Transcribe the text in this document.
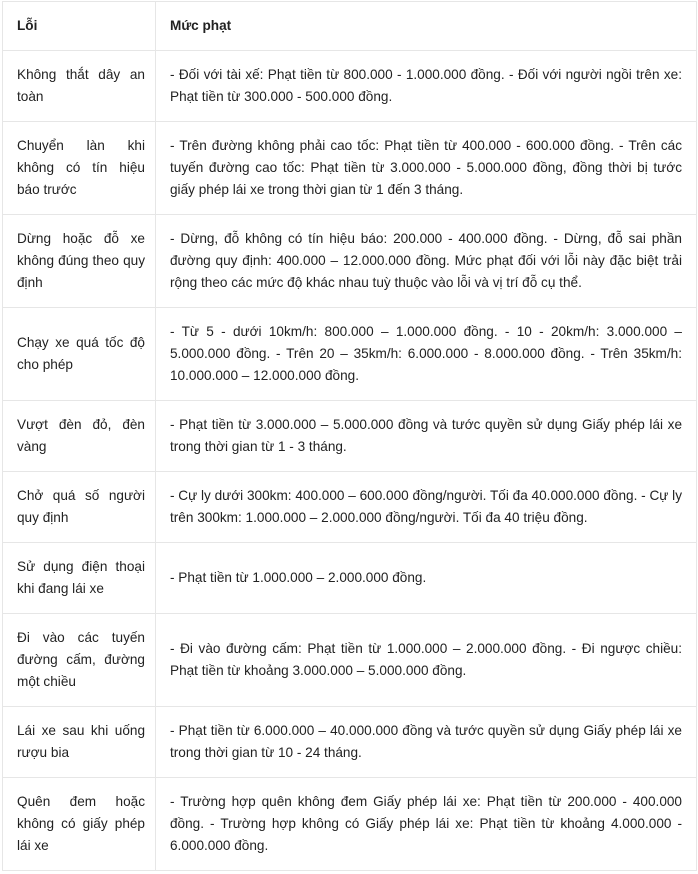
Lỗi	Mức phạt
Không thắt dây an toàn	- Đối với tài xế: Phạt tiền từ 800.000 - 1.000.000 đồng. - Đối với người ngồi trên xe: Phạt tiền từ 300.000 - 500.000 đồng.
Chuyển làn khi không có tín hiệu báo trước	- Trên đường không phải cao tốc: Phạt tiền từ 400.000 - 600.000 đồng. - Trên các tuyến đường cao tốc: Phạt tiền từ 3.000.000 - 5.000.000 đồng, đồng thời bị tước giấy phép lái xe trong thời gian từ 1 đến 3 tháng.
Dừng hoặc đỗ xe không đúng theo quy định	- Dừng, đỗ không có tín hiệu báo: 200.000 - 400.000 đồng. - Dừng, đỗ sai phần đường quy định: 400.000 – 12.000.000 đồng. Mức phạt đối với lỗi này đặc biệt trải rộng theo các mức độ khác nhau tuỳ thuộc vào lỗi và vị trí đỗ cụ thể.
Chạy xe quá tốc độ cho phép	- Từ 5 - dưới 10km/h: 800.000 – 1.000.000 đồng. - 10 - 20km/h: 3.000.000 – 5.000.000 đồng. - Trên 20 – 35km/h: 6.000.000 - 8.000.000 đồng. - Trên 35km/h: 10.000.000 – 12.000.000 đồng.
Vượt đèn đỏ, đèn vàng	- Phạt tiền từ 3.000.000 – 5.000.000 đồng và tước quyền sử dụng Giấy phép lái xe trong thời gian từ 1 - 3 tháng.
Chở quá số người quy định	- Cự ly dưới 300km: 400.000 – 600.000 đồng/người. Tối đa 40.000.000 đồng. - Cự ly trên 300km: 1.000.000 – 2.000.000 đồng/người. Tối đa 40 triệu đồng.
Sử dụng điện thoại khi đang lái xe	- Phạt tiền từ 1.000.000 – 2.000.000 đồng.
Đi vào các tuyến đường cấm, đường một chiều	- Đi vào đường cấm: Phạt tiền từ 1.000.000 – 2.000.000 đồng. - Đi ngược chiều: Phạt tiền từ khoảng 3.000.000 – 5.000.000 đồng.
Lái xe sau khi uống rượu bia	- Phạt tiền từ 6.000.000 – 40.000.000 đồng và tước quyền sử dụng Giấy phép lái xe trong thời gian từ 10 - 24 tháng.
Quên đem hoặc không có giấy phép lái xe	- Trường hợp quên không đem Giấy phép lái xe: Phạt tiền từ 200.000 - 400.000 đồng. - Trường hợp không có Giấy phép lái xe: Phạt tiền từ khoảng 4.000.000 - 6.000.000 đồng.
